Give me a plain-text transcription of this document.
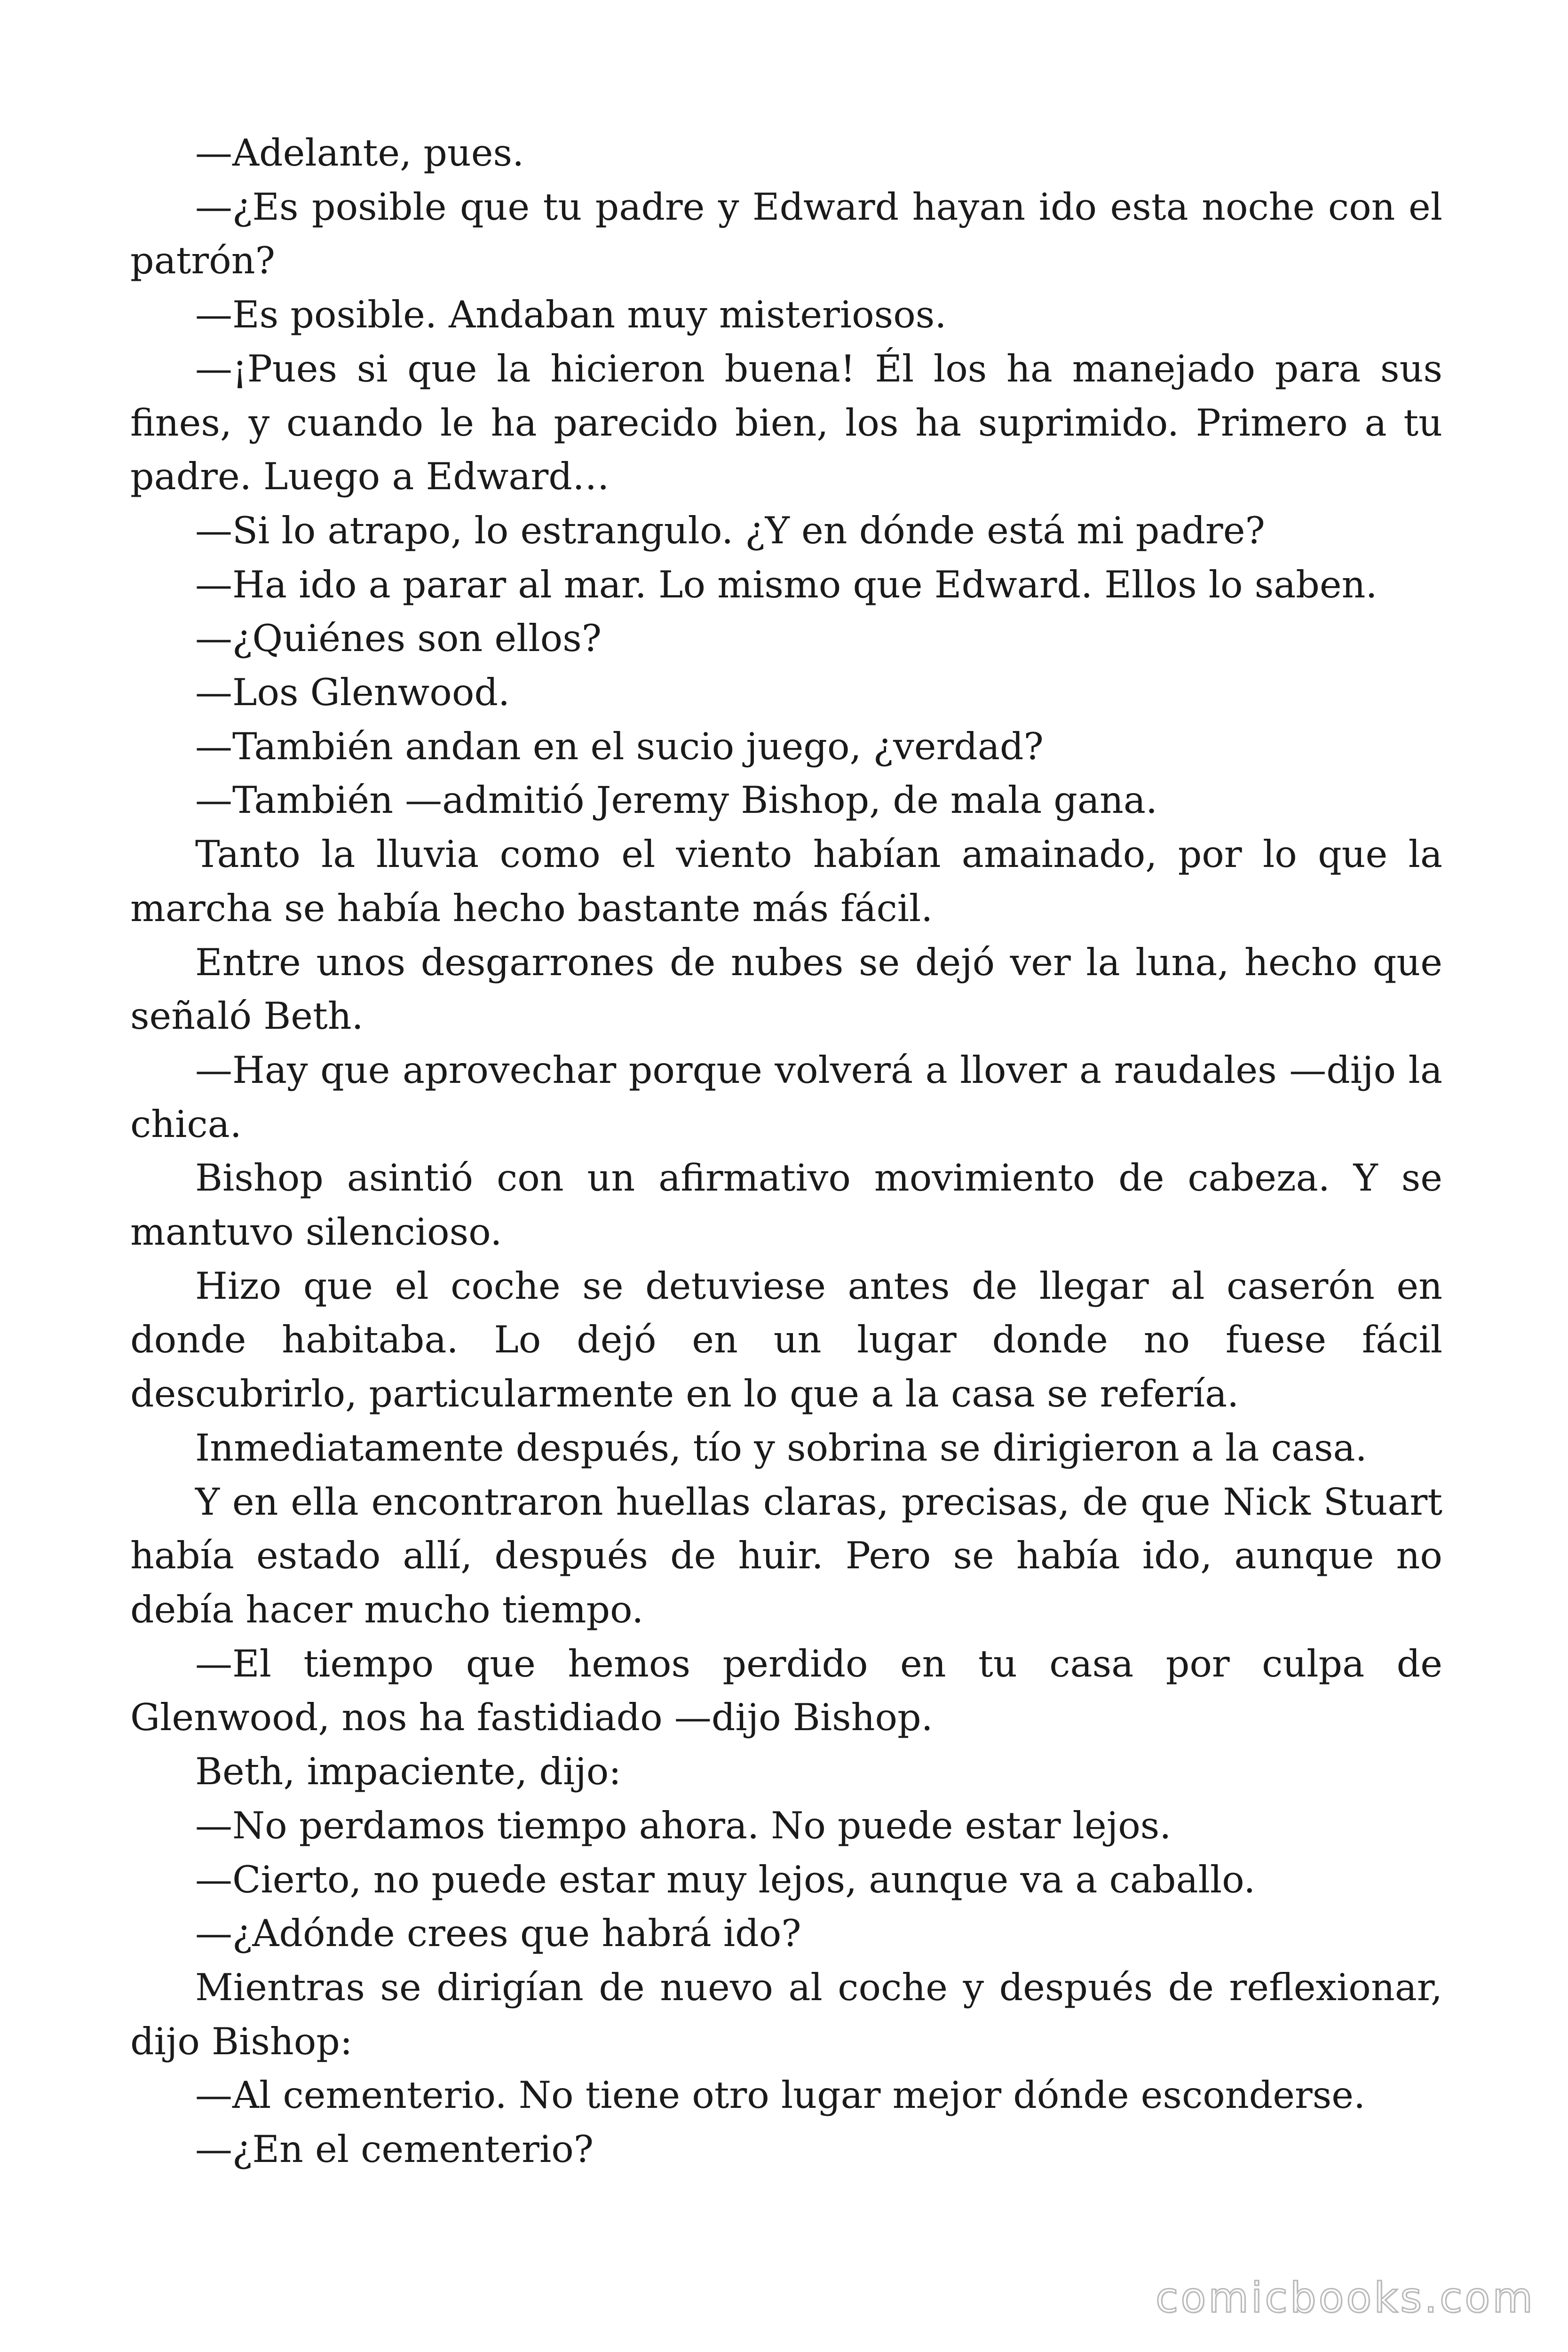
—Adelante, pues.

—¿Es posible que tu padre y Edward hayan ido esta noche con el patrón?

—Es posible. Andaban muy misteriosos.

—¡Pues si que la hicieron buena! Él los ha manejado para sus fines, y cuando le ha parecido bien, los ha suprimido. Primero a tu padre. Luego a Edward…

—Si lo atrapo, lo estrangulo. ¿Y en dónde está mi padre?

—Ha ido a parar al mar. Lo mismo que Edward. Ellos lo saben.

—¿Quiénes son ellos?

—Los Glenwood.

—También andan en el sucio juego, ¿verdad?

—También —admitió Jeremy Bishop, de mala gana.

Tanto la lluvia como el viento habían amainado, por lo que la marcha se había hecho bastante más fácil.

Entre unos desgarrones de nubes se dejó ver la luna, hecho que señaló Beth.

—Hay que aprovechar porque volverá a llover a raudales —dijo la chica.

Bishop asintió con un afirmativo movimiento de cabeza. Y se mantuvo silencioso.

Hizo que el coche se detuviese antes de llegar al caserón en donde habitaba. Lo dejó en un lugar donde no fuese fácil descubrirlo, particularmente en lo que a la casa se refería.

Inmediatamente después, tío y sobrina se dirigieron a la casa.

Y en ella encontraron huellas claras, precisas, de que Nick Stuart había estado allí, después de huir. Pero se había ido, aunque no debía hacer mucho tiempo.

—El tiempo que hemos perdido en tu casa por culpa de Glenwood, nos ha fastidiado —dijo Bishop.

Beth, impaciente, dijo:

—No perdamos tiempo ahora. No puede estar lejos.

—Cierto, no puede estar muy lejos, aunque va a caballo.

—¿Adónde crees que habrá ido?

Mientras se dirigían de nuevo al coche y después de reflexionar, dijo Bishop:

—Al cementerio. No tiene otro lugar mejor dónde esconderse.

—¿En el cementerio?

comicbooks.com
